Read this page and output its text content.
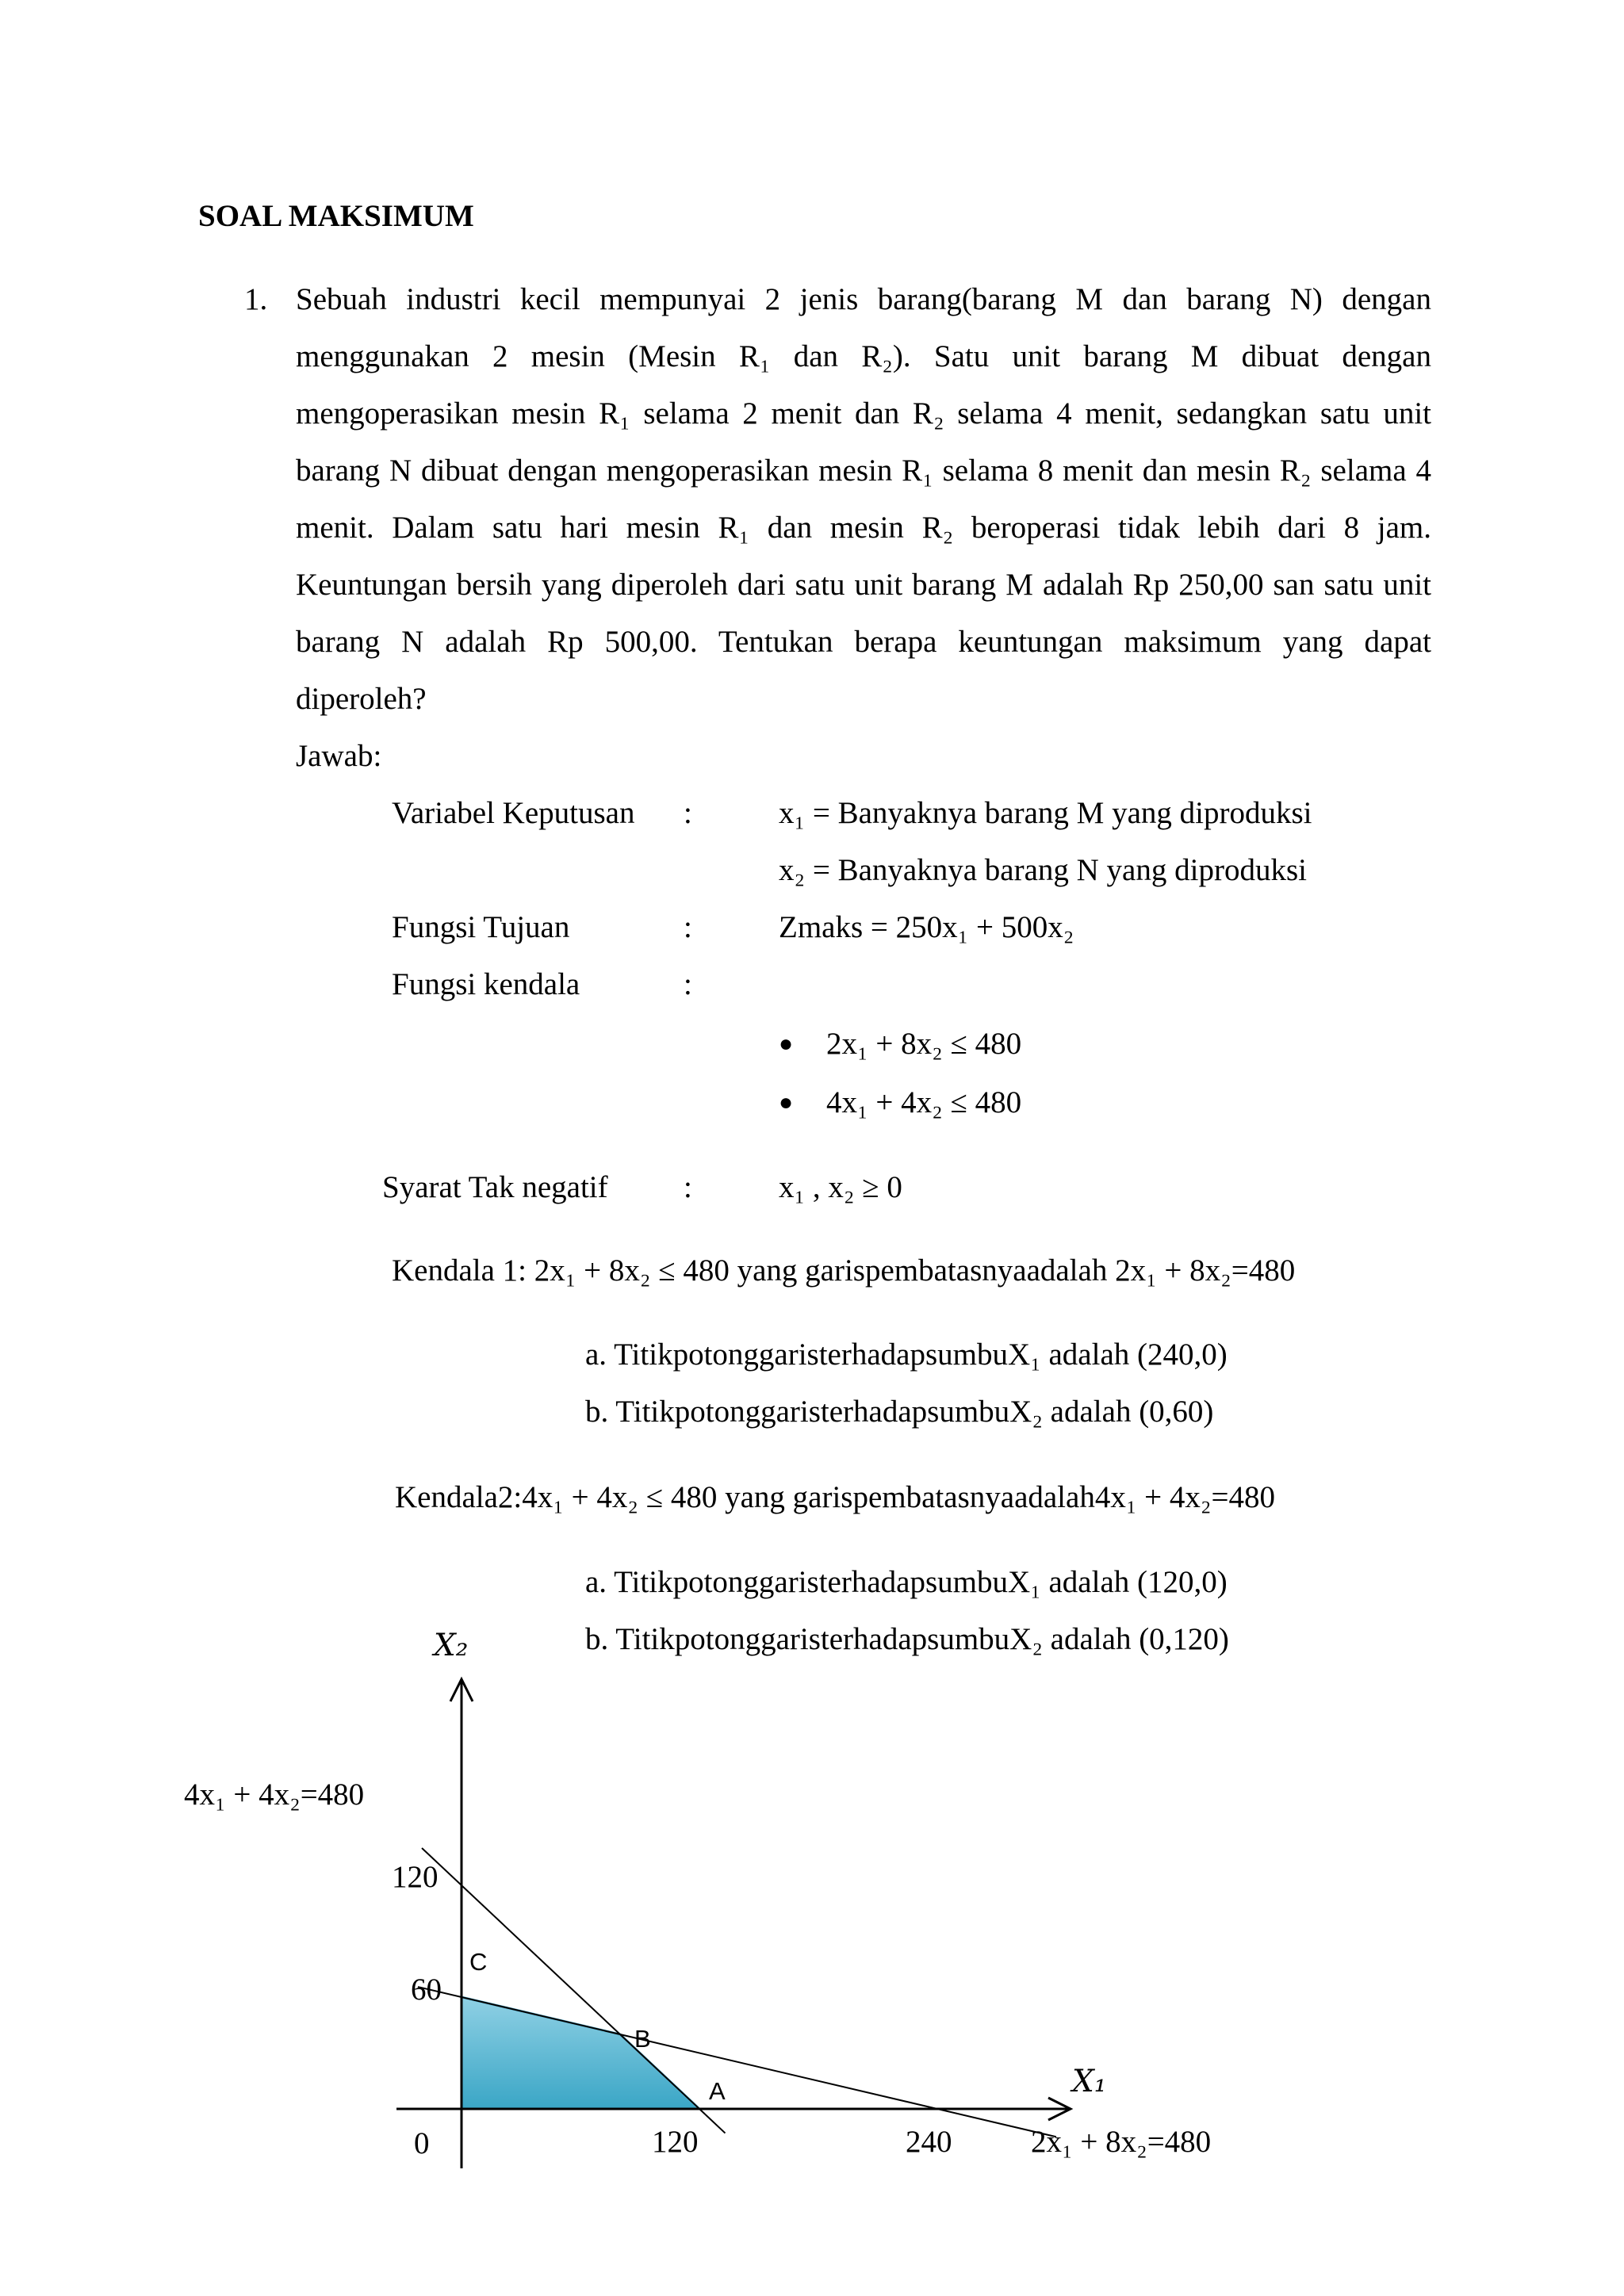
SOAL MAKSIMUM
1. Sebuah industri kecil mempunyai 2 jenis barang(barang M dan barang N) dengan menggunakan 2 mesin (Mesin R₁ dan R₂). Satu unit barang M dibuat dengan mengoperasikan mesin R₁ selama 2 menit dan R₂ selama 4 menit, sedangkan satu unit barang N dibuat dengan mengoperasikan mesin R₁ selama 8 menit dan mesin R₂ selama 4 menit. Dalam satu hari mesin R₁ dan mesin R₂ beroperasi tidak lebih dari 8 jam. Keuntungan bersih yang diperoleh dari satu unit barang M adalah Rp 250,00 san satu unit barang N adalah Rp 500,00. Tentukan berapa keuntungan maksimum yang dapat diperoleh?
Jawab:
Variabel Keputusan :	x₁ = Banyaknya barang M yang diproduksi
x₂ = Banyaknya barang N yang diproduksi
Fungsi Tujuan	:	Zmaks = 250x₁ + 500x₂
Fungsi kendala	:
● 2x₁ + 8x₂ ≤ 480
● 4x₁ + 4x₂ ≤ 480
Syarat Tak negatif :	x₁ , x₂ ≥ 0
Kendala 1: 2x₁ + 8x₂ ≤ 480 yang garispembatasnyaadalah 2x₁ + 8x₂=480
a. TitikpotonggaristerhadapsumbuX₁ adalah (240,0)
b. TitikpotonggaristerhadapsumbuX₂ adalah (0,60)
Kendala2:4x₁ + 4x₂ ≤ 480 yang garispembatasnyaadalah4x₁ + 4x₂=480
a. TitikpotonggaristerhadapsumbuX₁ adalah (120,0)
b. TitikpotonggaristerhadapsumbuX₂ adalah (0,120)
X₂
X₁
0	120	240
60
120
4x₁ + 4x₂=480
2x₁ + 8x₂=480
A
B
C
